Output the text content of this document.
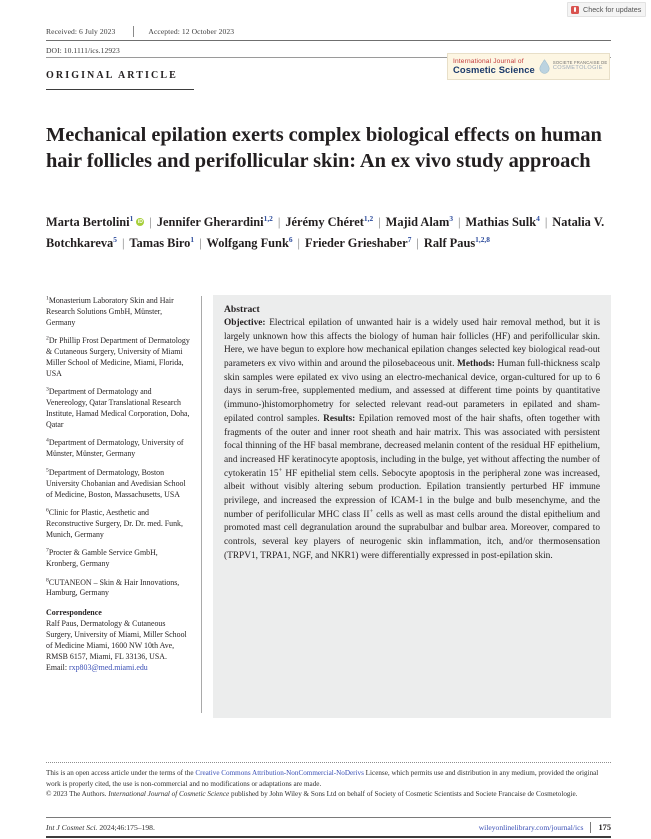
Check for updates
Received: 6 July 2023	Accepted: 12 October 2023
DOI: 10.1111/ics.12923
International Journal of
Cosmetic Science
SOCIETE FRANCAISE DE
COSMETOLOGIE
ORIGINAL ARTICLE
Mechanical epilation exerts complex biological effects on human hair follicles and perifollicular skin: An ex vivo study approach
Marta Bertolini$^1$ iD | Jennifer Gherardini$^{1,2}$ | Jérémy Chéret$^{1,2}$ | Majid Alam$^3$ | Mathias Sulk$^4$ | Natalia V. Botchkareva$^5$ | Tamas Biro$^1$ | Wolfgang Funk$^6$ | Frieder Grieshaber$^7$ | Ralf Paus$^{1,2,8}$
$^1$Monasterium Laboratory Skin and Hair Research Solutions GmbH, Münster, Germany
$^2$Dr Phillip Frost Department of Dermatology & Cutaneous Surgery, University of Miami Miller School of Medicine, Miami, Florida, USA
$^3$Department of Dermatology and Venereology, Qatar Translational Research Institute, Hamad Medical Corporation, Doha, Qatar
$^4$Department of Dermatology, University of Münster, Münster, Germany
$^5$Department of Dermatology, Boston University Chobanian and Avedisian School of Medicine, Boston, Massachusetts, USA
$^6$Clinic for Plastic, Aesthetic and Reconstructive Surgery, Dr. Dr. med. Funk, Munich, Germany
$^7$Procter & Gamble Service GmbH, Kronberg, Germany
$^8$CUTANEON – Skin & Hair Innovations, Hamburg, Germany
Correspondence
Ralf Paus, Dermatology & Cutaneous Surgery, University of Miami, Miller School of Medicine Miami, 1600 NW 10th Ave, RMSB 6157, Miami, FL 33136, USA.
Email: rxp803@med.miami.edu
Abstract

Objective: Electrical epilation of unwanted hair is a widely used hair removal method, but it is largely unknown how this affects the biology of human hair follicles (HF) and perifollicular skin. Here, we have begun to explore how mechanical epilation changes selected key biological read-out parameters ex vivo within and around the pilosebaceous unit. Methods: Human full-thickness scalp skin samples were epilated ex vivo using an electro-mechanical device, organ-cultured for up to 6 days in serum-free, supplemented medium, and assessed at different time points by quantitative (immuno-)histomorphometry for selected relevant read-out parameters in epilated and sham-epilated control samples. Results: Epilation removed most of the hair shafts, often together with fragments of the outer and inner root sheath and hair matrix. This was associated with persistent focal thinning of the HF basal membrane, decreased melanin content of the residual HF epithelium, and increased HF keratinocyte apoptosis, including in the bulge, yet without affecting the number of cytokeratin 15+ HF epithelial stem cells. Sebocyte apoptosis in the peripheral zone was increased, albeit without visibly altering sebum production. Epilation transiently perturbed HF immune privilege, and increased the expression of ICAM-1 in the bulge and bulb mesenchyme, and the number of perifollicular MHC class II+ cells as well as mast cells around the distal epithelium and promoted mast cell degranulation around the suprabulbar and bulbar area. Moreover, compared to controls, several key players of neurogenic skin inflammation, itch, and/or thermosensation (TRPV1, TRPA1, NGF, and NKR1) were differentially expressed in post-epilation skin.

This is an open access article under the terms of the Creative Commons Attribution-NonCommercial-NoDerivs License, which permits use and distribution in any medium, provided the original work is properly cited, the use is non-commercial and no modifications or adaptations are made.
© 2023 The Authors. International Journal of Cosmetic Science published by John Wiley & Sons Ltd on behalf of Society of Cosmetic Scientists and Societe Francaise de Cosmetologie.
Int J Cosmet Sci. 2024;46:175–198.	wileyonlinelibrary.com/journal/ics 175
